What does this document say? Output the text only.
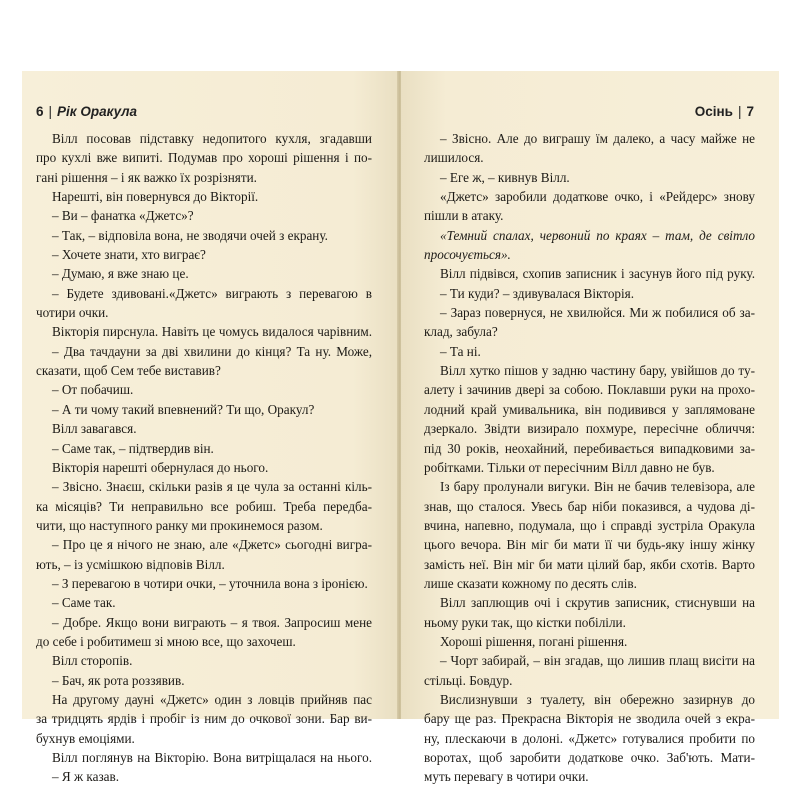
6 | Рік Оракула
Вілл посовав підставку недопитого кухля, згадавши
про кухлі вже випиті. Подумав про хороші рішення і по-
гані рішення – і як важко їх розрізняти.
Нарешті, він повернувся до Вікторії.
– Ви – фанатка «Джетс»?
– Так, – відповіла вона, не зводячи очей з екрану.
– Хочете знати, хто виграє?
– Думаю, я вже знаю це.
– Будете здивовані.«Джетс» виграють з перевагою в
чотири очки.
Вікторія пирснула. Навіть це чомусь видалося чарівним.
– Два тачдауни за дві хвилини до кінця? Та ну. Може,
сказати, щоб Сем тебе виставив?
– От побачиш.
– А ти чому такий впевнений? Ти що, Оракул?
Вілл завагався.
– Саме так, – підтвердив він.
Вікторія нарешті обернулася до нього.
– Звісно. Знаєш, скільки разів я це чула за останні кіль-
ка місяців? Ти неправильно все робиш. Треба передба-
чити, що наступного ранку ми прокинемося разом.
– Про це я нічого не знаю, але «Джетс» сьогодні вигра-
ють, – із усмішкою відповів Вілл.
– З перевагою в чотири очки, – уточнила вона з іронією.
– Саме так.
– Добре. Якщо вони виграють – я твоя. Запросиш мене
до себе і робитимеш зі мною все, що захочеш.
Вілл сторопів.
– Бач, як рота роззявив.
На другому дауні «Джетс» один з ловців прийняв пас
за тридцять ярдів і пробіг із ним до очкової зони. Бар ви-
бухнув емоціями.
Вілл поглянув на Вікторію. Вона витріщалася на нього.
– Я ж казав.
Осінь | 7
– Звісно. Але до виграшу їм далеко, а часу майже не
лишилося.
– Еге ж, – кивнув Вілл.
«Джетс» заробили додаткове очко, і «Рейдерс» знову
пішли в атаку.
«Темний спалах, червоний по краях – там, де світло
просочується».
Вілл підвівся, схопив записник і засунув його під руку.
– Ти куди? – здивувалася Вікторія.
– Зараз повернуся, не хвилюйся. Ми ж побилися об за-
клад, забула?
– Та ні.
Вілл хутко пішов у задню частину бару, увійшов до ту-
алету і зачинив двері за собою. Поклавши руки на прохо-
лодний край умивальника, він подивився у заплямоване
дзеркало. Звідти визирало похмуре, пересічне обличчя:
під 30 років, неохайний, перебивається випадковими за-
робітками. Тільки от пересічним Вілл давно не був.
Із бару пролунали вигуки. Він не бачив телевізора, але
знав, що сталося. Увесь бар ніби показився, а чудова ді-
вчина, напевно, подумала, що і справді зустріла Оракула
цього вечора. Він міг би мати її чи будь-яку іншу жінку
замість неї. Він міг би мати цілий бар, якби схотів. Варто
лише сказати кожному по десять слів.
Вілл заплющив очі і скрутив записник, стиснувши на
ньому руки так, що кістки побіліли.
Хороші рішення, погані рішення.
– Чорт забирай, – він згадав, що лишив плащ висіти на
стільці. Бовдур.
Вислизнувши з туалету, він обережно зазирнув до
бару ще раз. Прекрасна Вікторія не зводила очей з екра-
ну, плескаючи в долоні. «Джетс» готувалися пробити по
воротах, щоб заробити додаткове очко. Заб'ють. Мати-
муть перевагу в чотири очки.
